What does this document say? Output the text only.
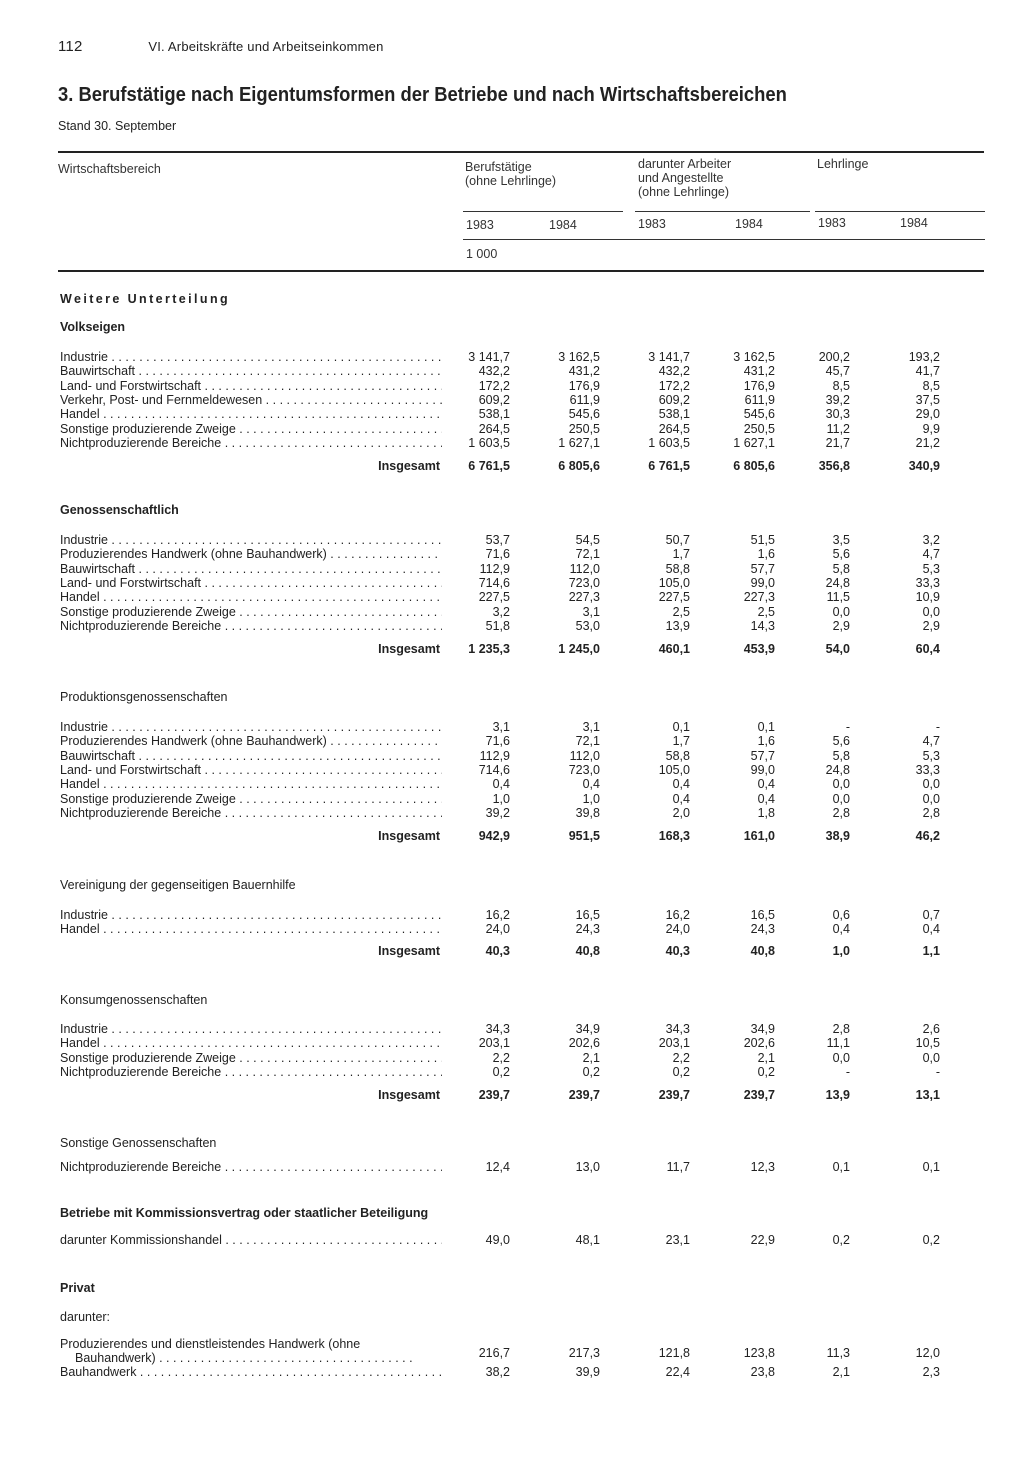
112	VI. Arbeitskräfte und Arbeitseinkommen
3. Berufstätige nach Eigentumsformen der Betriebe und nach Wirtschaftsbereichen
Stand 30. September
Wirtschaftsbereich	Berufstätige
(ohne Lehrlinge)
darunter Arbeiter
und Angestellte
(ohne Lehrlinge)
Lehrlinge
1983	1984	1983	1984	1983	1984
1 000
Weitere Unterteilung
Volkseigen
Industrie . . .	3 141,7	3 162,5	3 141,7	3 162,5	200,2	193,2
Bauwirtschaft . . .	432,2	431,2	432,2	431,2	45,7	41,7
Land- und Forstwirtschaft . . .	172,2	176,9	172,2	176,9	8,5	8,5
Verkehr, Post- und Fernmeldewesen . . .	609,2	611,9	609,2	611,9	39,2	37,5
Handel . . .	538,1	545,6	538,1	545,6	30,3	29,0
Sonstige produzierende Zweige . . .	264,5	250,5	264,5	250,5	11,2	9,9
Nichtproduzierende Bereiche . . .	1 603,5	1 627,1	1 603,5	1 627,1	21,7	21,2
Insgesamt	6 761,5	6 805,6	6 761,5	6 805,6	356,8	340,9
Genossenschaftlich
Industrie . . .	53,7	54,5	50,7	51,5	3,5	3,2
Produzierendes Handwerk (ohne Bauhandwerk) . . .	71,6	72,1	1,7	1,6	5,6	4,7
Bauwirtschaft . . .	112,9	112,0	58,8	57,7	5,8	5,3
Land- und Forstwirtschaft . . .	714,6	723,0	105,0	99,0	24,8	33,3
Handel . . .	227,5	227,3	227,5	227,3	11,5	10,9
Sonstige produzierende Zweige . . .	3,2	3,1	2,5	2,5	0,0	0,0
Nichtproduzierende Bereiche . . .	51,8	53,0	13,9	14,3	2,9	2,9
Insgesamt	1 235,3	1 245,0	460,1	453,9	54,0	60,4
Produktionsgenossenschaften
Industrie . . .	3,1	3,1	0,1	0,1	-	-
Produzierendes Handwerk (ohne Bauhandwerk) . . .	71,6	72,1	1,7	1,6	5,6	4,7
Bauwirtschaft . . .	112,9	112,0	58,8	57,7	5,8	5,3
Land- und Forstwirtschaft . . .	714,6	723,0	105,0	99,0	24,8	33,3
Handel . . .	0,4	0,4	0,4	0,4	0,0	0,0
Sonstige produzierende Zweige . . .	1,0	1,0	0,4	0,4	0,0	0,0
Nichtproduzierende Bereiche . . .	39,2	39,8	2,0	1,8	2,8	2,8
Insgesamt	942,9	951,5	168,3	161,0	38,9	46,2
Vereinigung der gegenseitigen Bauernhilfe
Industrie . . .	16,2	16,5	16,2	16,5	0,6	0,7
Handel . . .	24,0	24,3	24,0	24,3	0,4	0,4
Insgesamt	40,3	40,8	40,3	40,8	1,0	1,1
Konsumgenossenschaften
Industrie . . .	34,3	34,9	34,3	34,9	2,8	2,6
Handel . . .	203,1	202,6	203,1	202,6	11,1	10,5
Sonstige produzierende Zweige . . .	2,2	2,1	2,2	2,1	0,0	0,0
Nichtproduzierende Bereiche . . .	0,2	0,2	0,2	0,2	-	-
Insgesamt	239,7	239,7	239,7	239,7	13,9	13,1
Sonstige Genossenschaften
Nichtproduzierende Bereiche . . .	12,4	13,0	11,7	12,3	0,1	0,1
Betriebe mit Kommissionsvertrag oder staatlicher Beteiligung
darunter Kommissionshandel . . .	49,0	48,1	23,1	22,9	0,2	0,2
Privat
darunter:
Produzierendes und dienstleistendes Handwerk (ohne
Bauhandwerk) . . .	216,7	217,3	121,8	123,8	11,3	12,0
Bauhandwerk . . .	38,2	39,9	22,4	23,8	2,1	2,3
